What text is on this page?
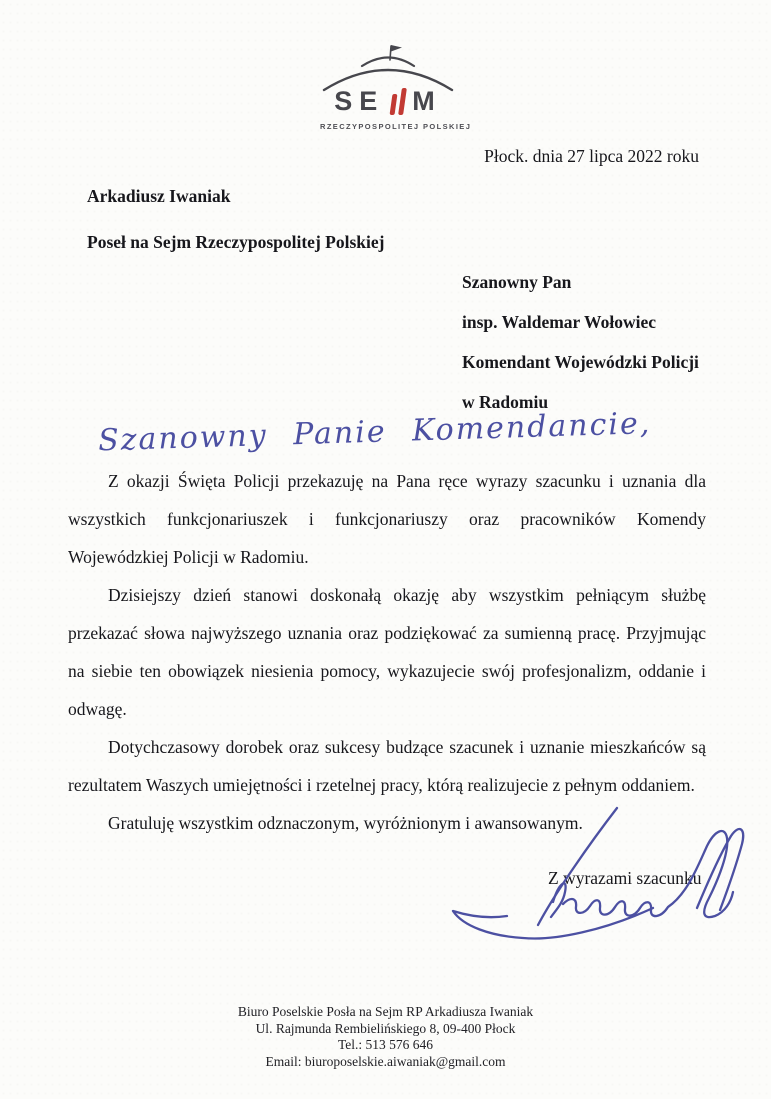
SE M
RZECZYPOSPOLITEJ POLSKIEJ
Płock. dnia 27 lipca 2022 roku
Arkadiusz Iwaniak
Poseł na Sejm Rzeczypospolitej Polskiej
Szanowny Pan
insp. Waldemar Wołowiec
Komendant Wojewódzki Policji
w Radomiu
Szanowny Panie Komendancie,

Z okazji Święta Policji przekazuję na Pana ręce wyrazy szacunku i uznania dla wszystkich funkcjonariuszek i funkcjonariuszy oraz pracowników Komendy Wojewódzkiej Policji w Radomiu.

Dzisiejszy dzień stanowi doskonałą okazję aby wszystkim pełniącym służbę przekazać słowa najwyższego uznania oraz podziękować za sumienną pracę. Przyjmując na siebie ten obowiązek niesienia pomocy, wykazujecie swój profesjonalizm, oddanie i odwagę.

Dotychczasowy dorobek oraz sukcesy budzące szacunek i uznanie mieszkańców są rezultatem Waszych umiejętności i rzetelnej pracy, którą realizujecie z pełnym oddaniem.

Gratuluję wszystkim odznaczonym, wyróżnionym i awansowanym.

Z wyrazami szacunku
Biuro Poselskie Posła na Sejm RP Arkadiusza Iwaniak
Ul. Rajmunda Rembielińskiego 8, 09-400 Płock
Tel.: 513 576 646
Email: biuroposelskie.aiwaniak@gmail.com
